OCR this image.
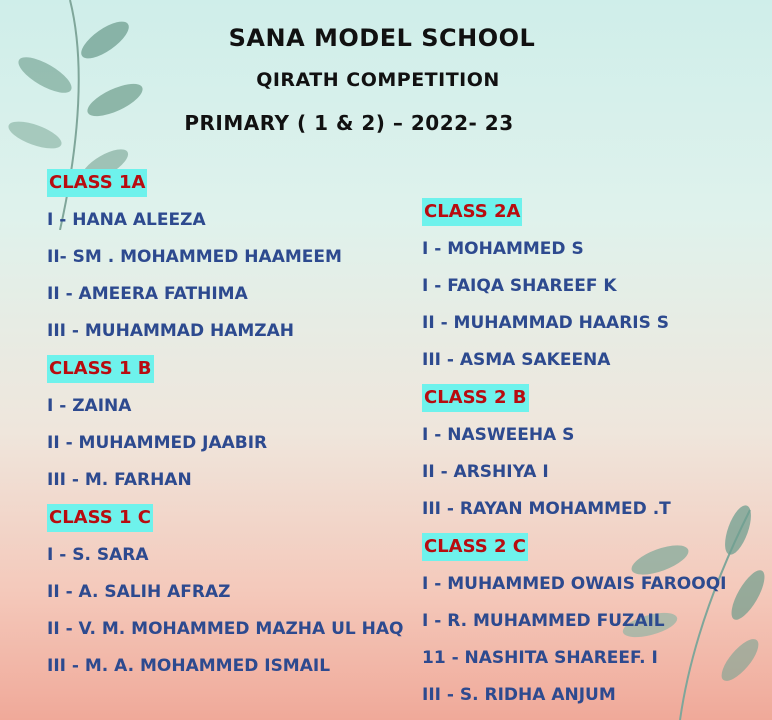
SANA MODEL SCHOOL
QIRATH COMPETITION
PRIMARY ( 1 & 2) – 2022- 23
CLASS 1A
I - HANA ALEEZA
II- SM . MOHAMMED HAAMEEM
II - AMEERA FATHIMA
III - MUHAMMAD HAMZAH
CLASS 1 B
I - ZAINA
II - MUHAMMED JAABIR
III - M. FARHAN
CLASS 1 C
I - S. SARA
II - A. SALIH AFRAZ
II - V. M. MOHAMMED MAZHA UL HAQ
III - M. A. MOHAMMED ISMAIL
CLASS 2A
I - MOHAMMED S
I - FAIQA SHAREEF K
II - MUHAMMAD HAARIS S
III - ASMA SAKEENA
CLASS 2 B
I - NASWEEHA S
II - ARSHIYA I
III - RAYAN MOHAMMED .T
CLASS 2 C
I - MUHAMMED OWAIS FAROOQI
I - R. MUHAMMED FUZAIL
11 - NASHITA SHAREEF. I
III - S. RIDHA ANJUM
